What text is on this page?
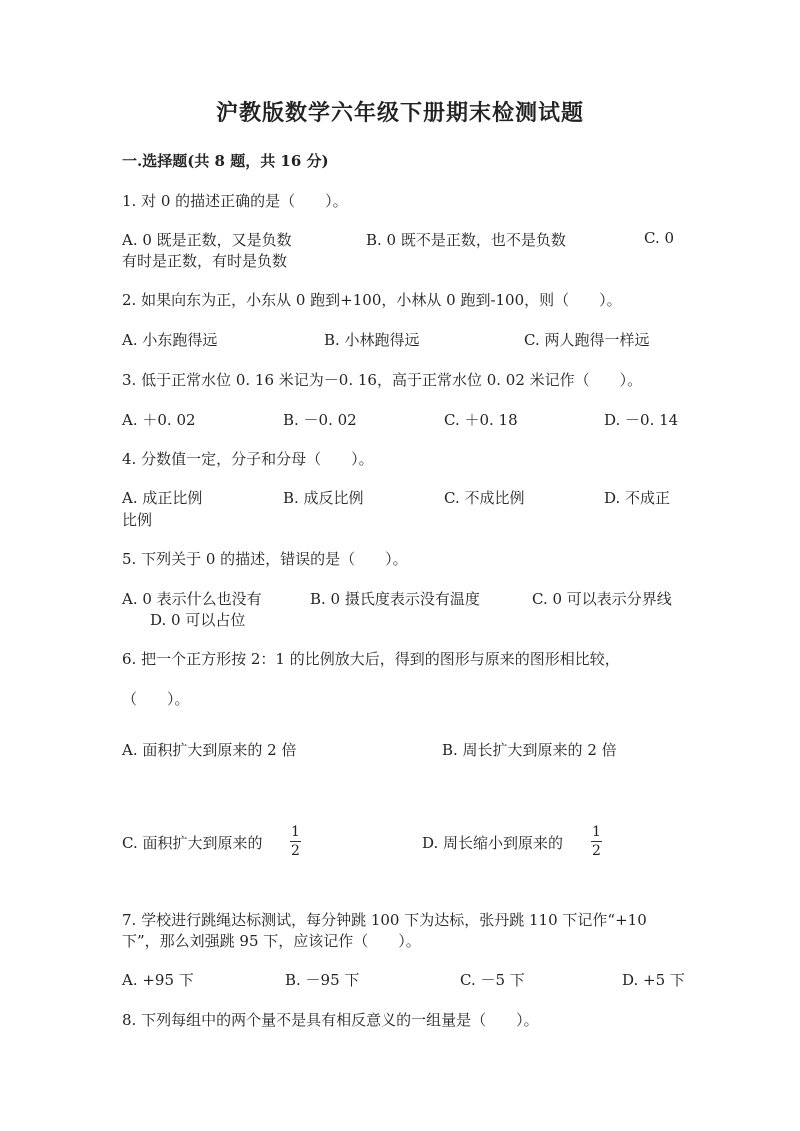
沪教版数学六年级下册期末检测试题
一.选择题(共 8 题，共 16 分)
1. 对 0 的描述正确的是（　　）。
A. 0 既是正数，又是负数	B. 0 既不是正数，也不是负数	C. 0
有时是正数，有时是负数
2. 如果向东为正，小东从 0 跑到+100，小林从 0 跑到-100，则（　　）。
A. 小东跑得远	B. 小林跑得远	C. 两人跑得一样远
3. 低于正常水位 0. 16 米记为－0. 16，高于正常水位 0. 02 米记作（　　）。
A. ＋0. 02	B. －0. 02	C. ＋0. 18	D. －0. 14
4. 分数值一定，分子和分母（　　）。
A. 成正比例	B. 成反比例	C. 不成比例	D. 不成正
比例
5. 下列关于 0 的描述，错误的是（　　）。
A. 0 表示什么也没有	B. 0 摄氏度表示没有温度	C. 0 可以表示分界线
D. 0 可以占位
6. 把一个正方形按 2：1 的比例放大后，得到的图形与原来的图形相比较，
（　　）。
A. 面积扩大到原来的 2 倍	B. 周长扩大到原来的 2 倍
C. 面积扩大到原来的
1
2	D. 周长缩小到原来的
1
2
7. 学校进行跳绳达标测试，每分钟跳 100 下为达标，张丹跳 110 下记作“+10
下”，那么刘强跳 95 下，应该记作（　　）。
A. +95 下	B. －95 下	C. －5 下	D. +5 下
8. 下列每组中的两个量不是具有相反意义的一组量是（　　）。
